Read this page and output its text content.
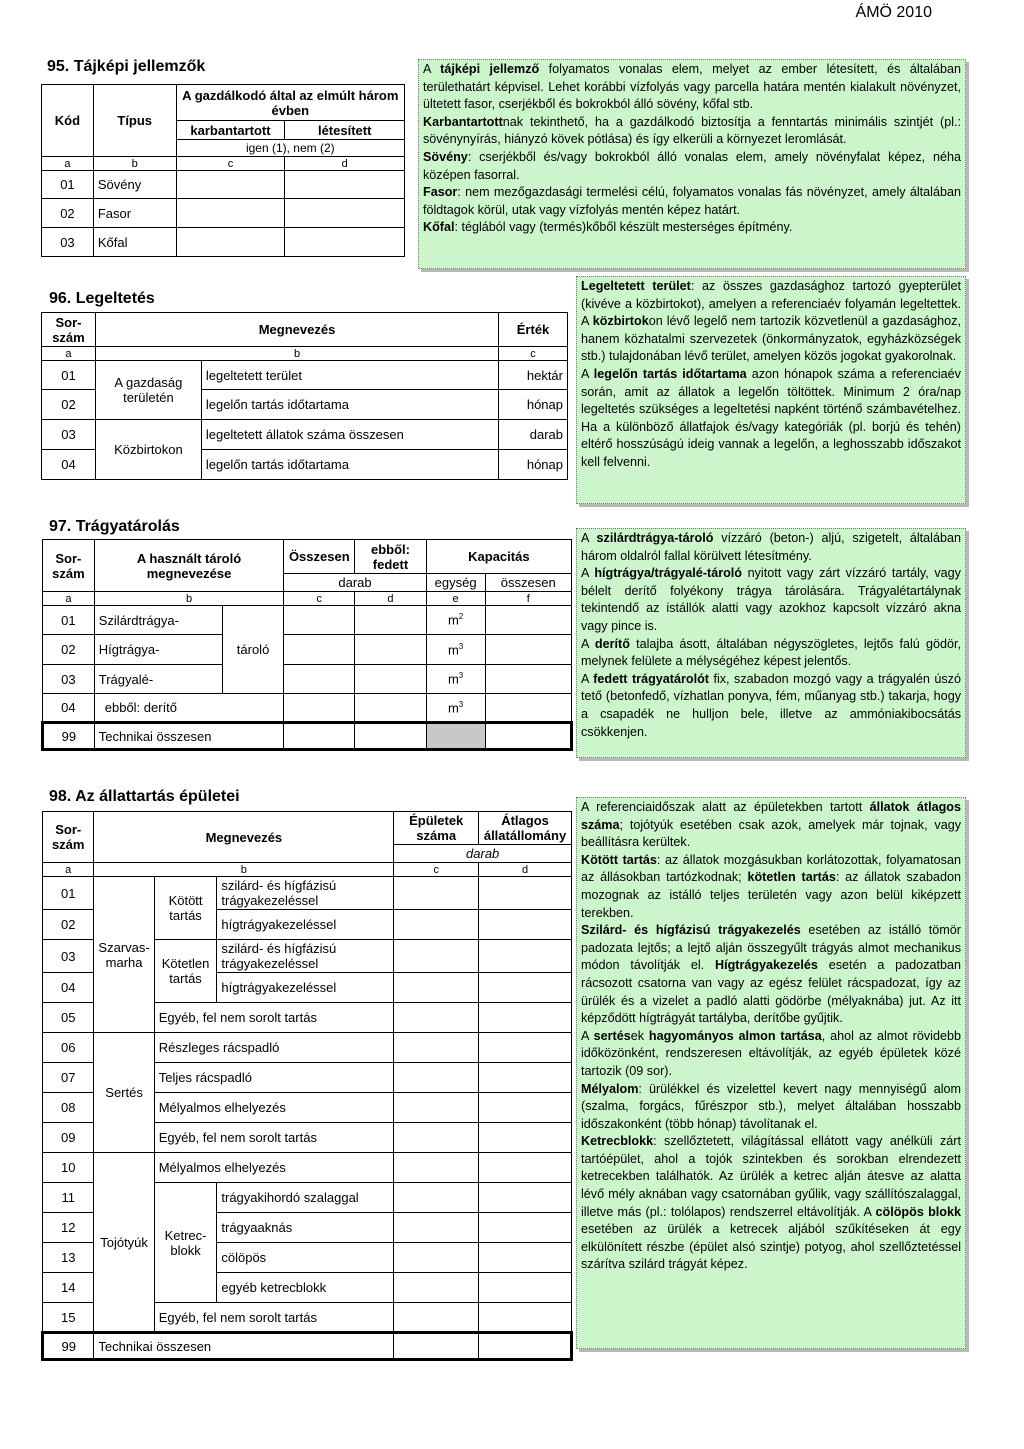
ÁMÖ 2010
95. Tájképi jellemzők
Kód	Típus	A gazdálkodó által az elmúlt három évben	
		karbantartott	létesített
		igen (1), nem (2)	
a	b	c	d
01	Sövény		
02	Fasor		
03	Kőfal		

A tájképi jellemző folyamatos vonalas elem, melyet az ember létesített, és általában területhatárt képvisel. Lehet korábbi vízfolyás vagy parcella határa mentén kialakult növényzet, ültetett fasor, cserjékből és bokrokból álló sövény, kőfal stb.

Karbantartottnak tekinthető, ha a gazdálkodó biztosítja a fenntartás minimális szintjét (pl.: sövénynyírás, hiányzó kövek pótlása) és így elkerüli a környezet leromlását.

Sövény: cserjékből és/vagy bokrokból álló vonalas elem, amely növényfalat képez, néha középen fasorral.

Fasor: nem mezőgazdasági termelési célú, folyamatos vonalas fás növényzet, amely általában földtagok körül, utak vagy vízfolyás mentén képez határt.

Kőfal: téglából vagy (termés)kőből készült mesterséges építmény.

96. Legeltetés
Sor-szám	Megnevezés		Érték
a	b		c
01	A gazdaság területén	legeltetett terület	hektár
02		legelőn tartás időtartama	hónap
03	Közbirtokon	legeltetett állatok száma összesen	darab
04		legelőn tartás időtartama	hónap

Legeltetett terület: az összes gazdasághoz tartozó gyepterület (kivéve a közbirtokot), amelyen a referenciaév folyamán legeltettek. A közbirtokon lévő legelő nem tartozik közvetlenül a gazdasághoz, hanem közhatalmi szervezetek (önkormányzatok, egyházközségek stb.) tulajdonában lévő terület, amelyen közös jogokat gyakorolnak.

A legelőn tartás időtartama azon hónapok száma a referenciaév során, amit az állatok a legelőn töltöttek. Minimum 2 óra/nap legeltetés szükséges a legeltetési napként történő számbavételhez. Ha a különböző állatfajok és/vagy kategóriák (pl. borjú és tehén) eltérő hosszúságú ideig vannak a legelőn, a leghosszabb időszakot kell felvenni.

97. Trágyatárolás
Sor-szám	A használt tároló megnevezése		Összesen	ebből: fedett	Kapacitás	
			darab		egység	összesen
a	b		c	d	e	f
01	Szilárdtrágya-	tároló			$m^2$	
02	Hígtrágya-				$m^3$	
03	Trágyalé-				$m^3$	
04	ebből: derítő				$m^3$	
99	Technikai összesen					

A szilárdtrágya-tároló vízzáró (beton-) aljú, szigetelt, általában három oldalról fallal körülvett létesítmény.

A hígtrágya/trágyalé-tároló nyitott vagy zárt vízzáró tartály, vagy bélelt derítő folyékony trágya tárolására. Trágyalétartálynak tekintendő az istállók alatti vagy azokhoz kapcsolt vízzáró akna vagy pince is.

A derítő talajba ásott, általában négyszögletes, lejtős falú gödör, melynek felülete a mélységéhez képest jelentős.

A fedett trágyatárolót fix, szabadon mozgó vagy a trágyalén úszó tető (betonfedő, vízhatlan ponyva, fém, műanyag stb.) takarja, hogy a csapadék ne hulljon bele, illetve az ammóniakibocsátás csökkenjen.

98. Az állattartás épületei
Sor-szám	Megnevezés			Épületek száma	Átlagos állatállomány
				darab	
a	b			c	d
01	Szarvas-marha	Kötött tartás	szilárd- és hígfázisú trágyakezeléssel		
02			hígtrágyakezeléssel		
03		Kötetlen tartás	szilárd- és hígfázisú trágyakezeléssel		
04			hígtrágyakezeléssel		
05		Egyéb, fel nem sorolt tartás			
06	Sertés	Részleges rácspadló			
07		Teljes rácspadló			
08		Mélyalmos elhelyezés			
09		Egyéb, fel nem sorolt tartás			
10	Tojótyúk	Mélyalmos elhelyezés			
11		Ketrec-blokk	trágyakihordó szalaggal		
12			trágyaaknás		
13			cölöpös		
14			egyéb ketrecblokk		
15		Egyéb, fel nem sorolt tartás			
99	Technikai összesen				

A referenciaidőszak alatt az épületekben tartott állatok átlagos száma; tojótyúk esetében csak azok, amelyek már tojnak, vagy beállításra kerültek.

Kötött tartás: az állatok mozgásukban korlátozottak, folyamatosan az állásokban tartózkodnak; kötetlen tartás: az állatok szabadon mozognak az istálló teljes területén vagy azon belül kiképzett terekben.

Szilárd- és hígfázisú trágyakezelés esetében az istálló tömör padozata lejtős; a lejtő alján összegyűlt trágyás almot mechanikus módon távolítják el. Hígtrágyakezelés esetén a padozatban rácsozott csatorna van vagy az egész felület rácspadozat, így az ürülék és a vizelet a padló alatti gödörbe (mélyaknába) jut. Az itt képződött hígtrágyát tartályba, derítőbe gyűjtik.

A sertések hagyományos almon tartása, ahol az almot rövidebb időközönként, rendszeresen eltávolítják, az egyéb épületek közé tartozik (09 sor).

Mélyalom: ürülékkel és vizelettel kevert nagy mennyiségű alom (szalma, forgács, fűrészpor stb.), melyet általában hosszabb időszakonként (több hónap) távolítanak el.

Ketrecblokk: szellőztetett, világítással ellátott vagy anélküli zárt tartóépület, ahol a tojók szintekben és sorokban elrendezett ketrecekben találhatók. Az ürülék a ketrec alján átesve az alatta lévő mély aknában vagy csatornában gyűlik, vagy szállítószalaggal, illetve más (pl.: tolólapos) rendszerrel eltávolítják. A cölöpös blokk esetében az ürülék a ketrecek aljából szűkítéseken át egy elkülönített részbe (épület alsó szintje) potyog, ahol szellőztetéssel szárítva szilárd trágyát képez.
